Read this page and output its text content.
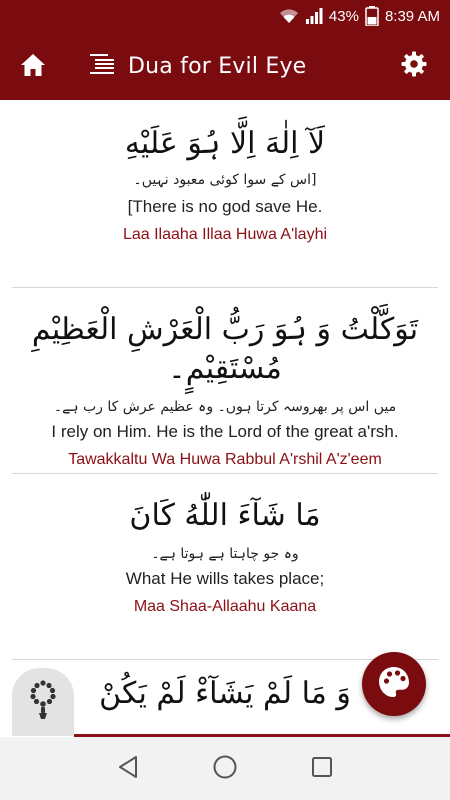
43% 8:39 AM
Dua for Evil Eye
لَآ اِلٰهَ اِلَّا ہُوَ عَلَیْهِ
[اس کے سوا کوئی معبود نہیں۔
[There is no god save He.
Laa Ilaaha Illaa Huwa A'layhi
تَوَكَّلْتُ وَ ہُوَ رَبُّ الْعَرْشِ الْعَظِیْمِ مُسْتَقِیْمٍ۔
میں اس پر بھروسہ کرتا ہوں۔ وہ عظیم عرش کا رب ہے۔
I rely on Him. He is the Lord of the great a'rsh.
Tawakkaltu Wa Huwa Rabbul A'rshil A'z'eem
مَا شَآءَ اللّٰهُ كَانَ
وہ جو چاہتا ہے ہوتا ہے۔
What He wills takes place;
Maa Shaa-Allaahu Kaana
وَ مَا لَمْ یَشَآءْ لَمْ یَكُنْ
